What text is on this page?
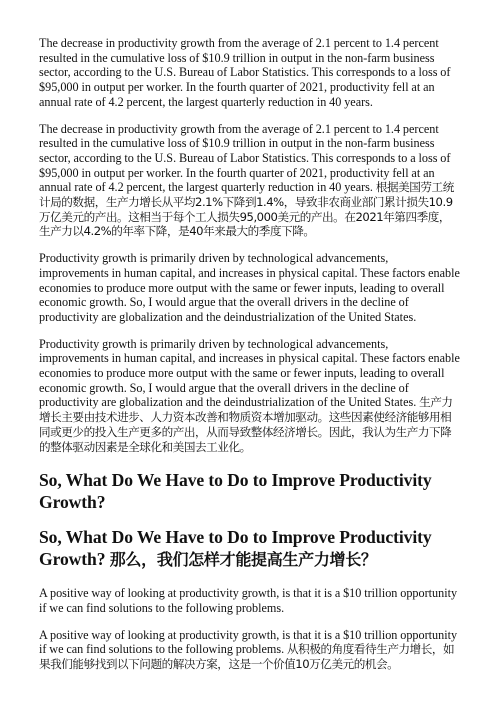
The decrease in productivity growth from the average of 2.1 percent to 1.4 percent resulted in the cumulative loss of $10.9 trillion in output in the non-farm business sector, according to the U.S. Bureau of Labor Statistics. This corresponds to a loss of $95,000 in output per worker. In the fourth quarter of 2021, productivity fell at an annual rate of 4.2 percent, the largest quarterly reduction in 40 years.

The decrease in productivity growth from the average of 2.1 percent to 1.4 percent resulted in the cumulative loss of $10.9 trillion in output in the non-farm business sector, according to the U.S. Bureau of Labor Statistics. This corresponds to a loss of $95,000 in output per worker. In the fourth quarter of 2021, productivity fell at an annual rate of 4.2 percent, the largest quarterly reduction in 40 years. 根据美国劳工统计局的数据，生产力增长从平均2.1%下降到1.4%，导致非农商业部门累计损失10.9万亿美元的产出。这相当于每个工人损失95,000美元的产出。在2021年第四季度，生产力以4.2%的年率下降，是40年来最大的季度下降。

Productivity growth is primarily driven by technological advancements, improvements in human capital, and increases in physical capital. These factors enable economies to produce more output with the same or fewer inputs, leading to overall economic growth. So, I would argue that the overall drivers in the decline of productivity are globalization and the deindustrialization of the United States.

Productivity growth is primarily driven by technological advancements, improvements in human capital, and increases in physical capital. These factors enable economies to produce more output with the same or fewer inputs, leading to overall economic growth. So, I would argue that the overall drivers in the decline of productivity are globalization and the deindustrialization of the United States. 生产力增长主要由技术进步、人力资本改善和物质资本增加驱动。这些因素使经济能够用相同或更少的投入生产更多的产出，从而导致整体经济增长。因此，我认为生产力下降的整体驱动因素是全球化和美国去工业化。

So, What Do We Have to Do to Improve Productivity Growth?
So, What Do We Have to Do to Improve Productivity Growth? 那么，我们怎样才能提高生产力增长？

A positive way of looking at productivity growth, is that it is a $10 trillion opportunity if we can find solutions to the following problems.

A positive way of looking at productivity growth, is that it is a $10 trillion opportunity if we can find solutions to the following problems. 从积极的角度看待生产力增长，如果我们能够找到以下问题的解决方案，这是一个价值10万亿美元的机会。
